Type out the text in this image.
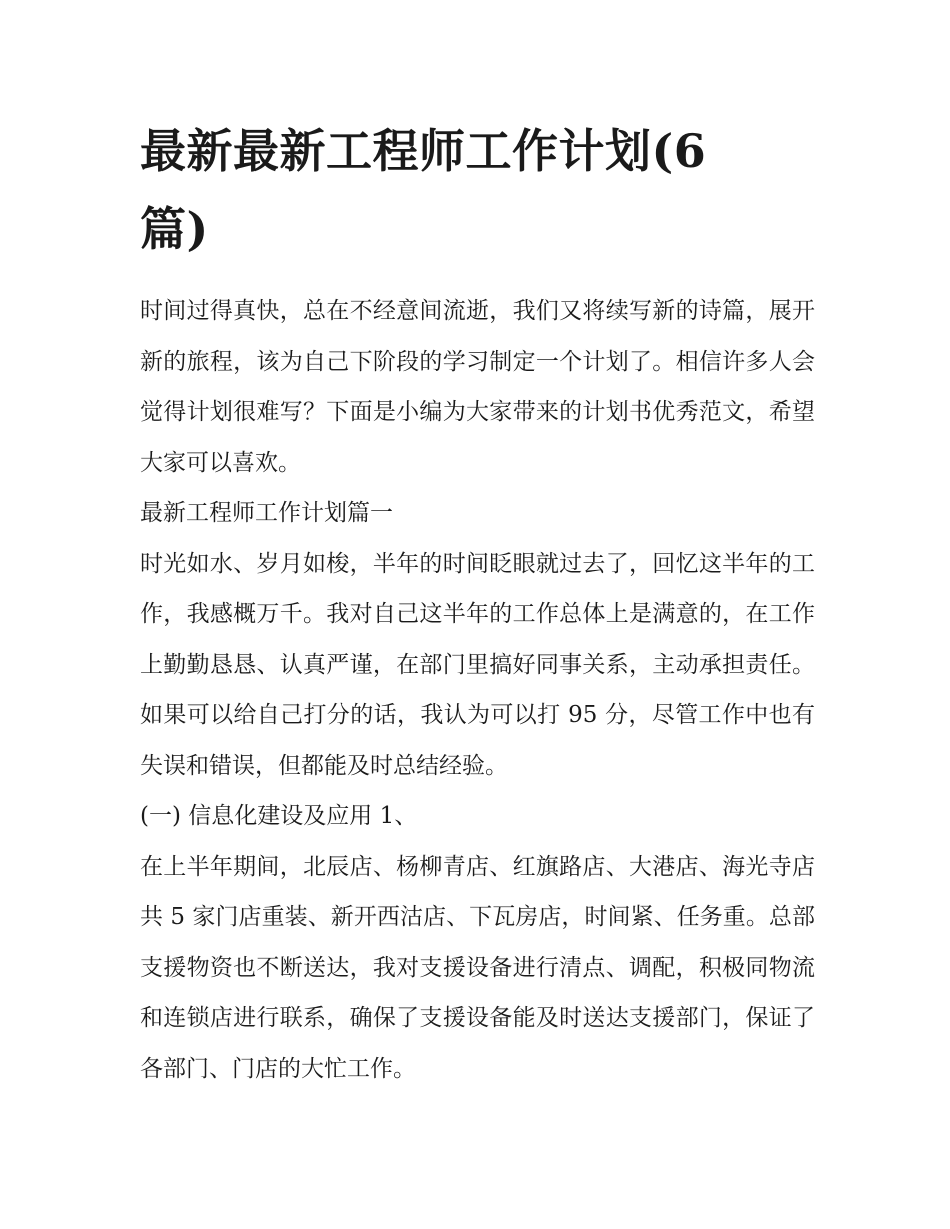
最新最新工程师工作计划(6篇)

时间过得真快，总在不经意间流逝，我们又将续写新的诗篇，展开新的旅程，该为自己下阶段的学习制定一个计划了。相信许多人会觉得计划很难写？下面是小编为大家带来的计划书优秀范文，希望大家可以喜欢。

最新工程师工作计划篇一

时光如水、岁月如梭，半年的时间眨眼就过去了，回忆这半年的工作，我感概万千。我对自己这半年的工作总体上是满意的，在工作上勤勤恳恳、认真严谨，在部门里搞好同事关系，主动承担责任。如果可以给自己打分的话，我认为可以打 95 分，尽管工作中也有失误和错误，但都能及时总结经验。

(一) 信息化建设及应用 1、

在上半年期间，北辰店、杨柳青店、红旗路店、大港店、海光寺店共 5 家门店重装、新开西沽店、下瓦房店，时间紧、任务重。总部支援物资也不断送达，我对支援设备进行清点、调配，积极同物流和连锁店进行联系，确保了支援设备能及时送达支援部门，保证了各部门、门店的大忙工作。
